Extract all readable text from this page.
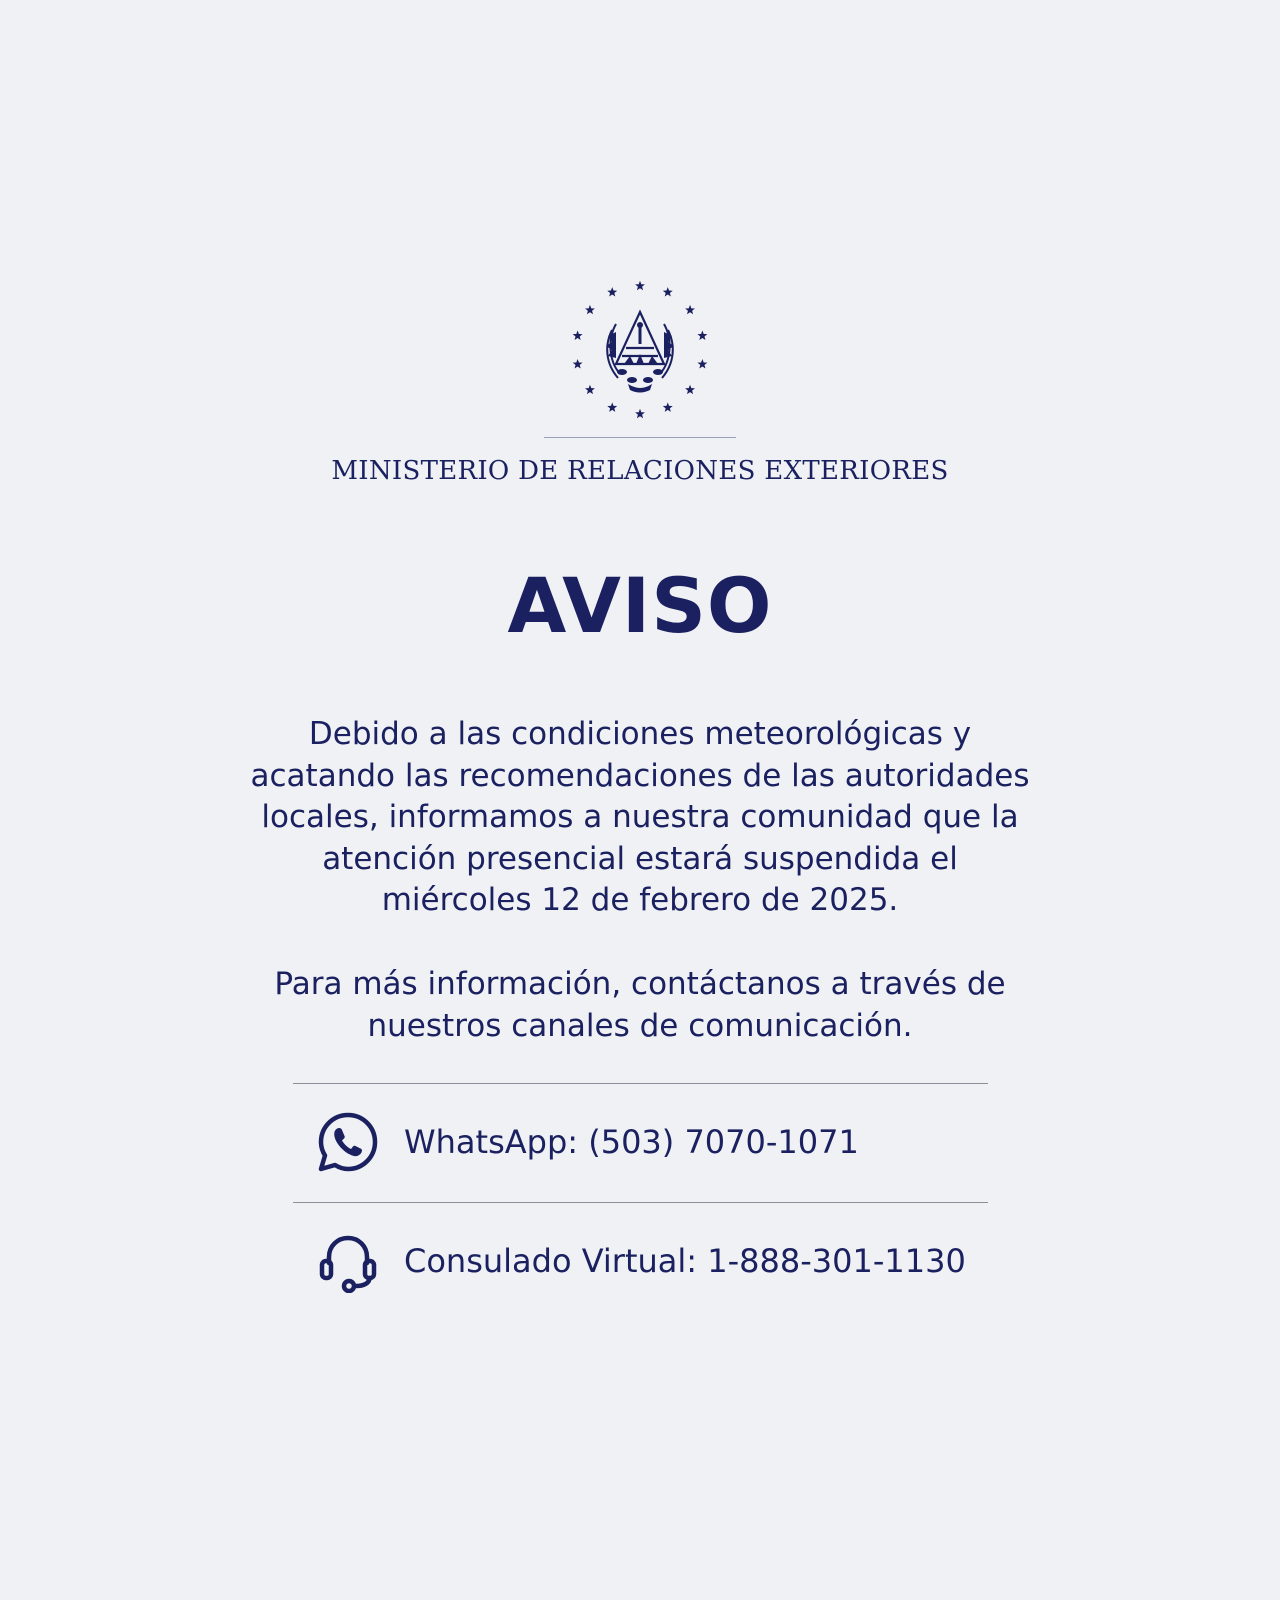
MINISTERIO DE RELACIONES EXTERIORES
AVISO
Debido a las condiciones meteorológicas y
acatando las recomendaciones de las autoridades
locales, informamos a nuestra comunidad que la
atención presencial estará suspendida el
miércoles 12 de febrero de 2025.
Para más información, contáctanos a través de
nuestros canales de comunicación.
WhatsApp: (503) 7070-1071
Consulado Virtual: 1-888-301-1130
